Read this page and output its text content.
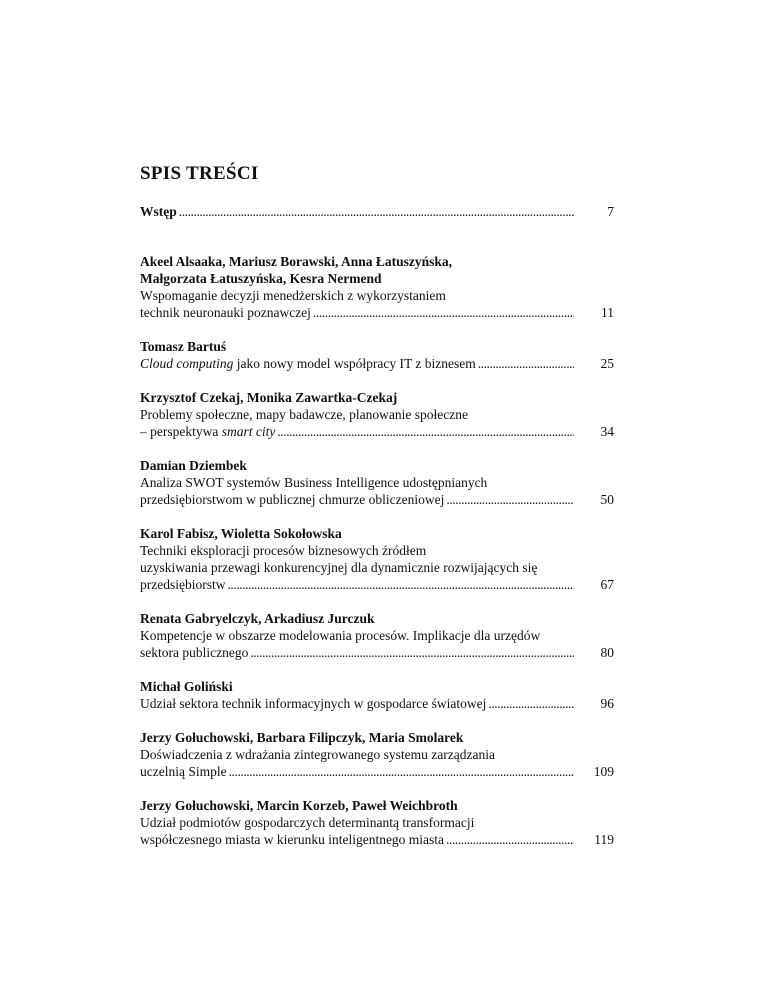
SPIS TREŚCI
Wstęp . . .	7
Akeel Alsaaka, Mariusz Borawski, Anna Łatuszyńska,
Małgorzata Łatuszyńska, Kesra Nermend
Wspomaganie decyzji menedżerskich z wykorzystaniem
technik neuronauki poznawczej . . .	11
Tomasz Bartuś
Cloud computing jako nowy model współpracy IT z biznesem . . .	25
Krzysztof Czekaj, Monika Zawartka-Czekaj
Problemy społeczne, mapy badawcze, planowanie społeczne
– perspektywa smart city . . .	34
Damian Dziembek
Analiza SWOT systemów Business Intelligence udostępnianych
przedsiębiorstwom w publicznej chmurze obliczeniowej . . .	50
Karol Fabisz, Wioletta Sokołowska
Techniki eksploracji procesów biznesowych źródłem
uzyskiwania przewagi konkurencyjnej dla dynamicznie rozwijających się
przedsiębiorstw . . .	67
Renata Gabryelczyk, Arkadiusz Jurczuk
Kompetencje w obszarze modelowania procesów. Implikacje dla urzędów
sektora publicznego . . .	80
Michał Goliński
Udział sektora technik informacyjnych w gospodarce światowej . . .	96
Jerzy Gołuchowski, Barbara Filipczyk, Maria Smolarek
Doświadczenia z wdrażania zintegrowanego systemu zarządzania
uczelnią Simple . . .	109
Jerzy Gołuchowski, Marcin Korzeb, Paweł Weichbroth
Udział podmiotów gospodarczych determinantą transformacji
współczesnego miasta w kierunku inteligentnego miasta . . .	119
